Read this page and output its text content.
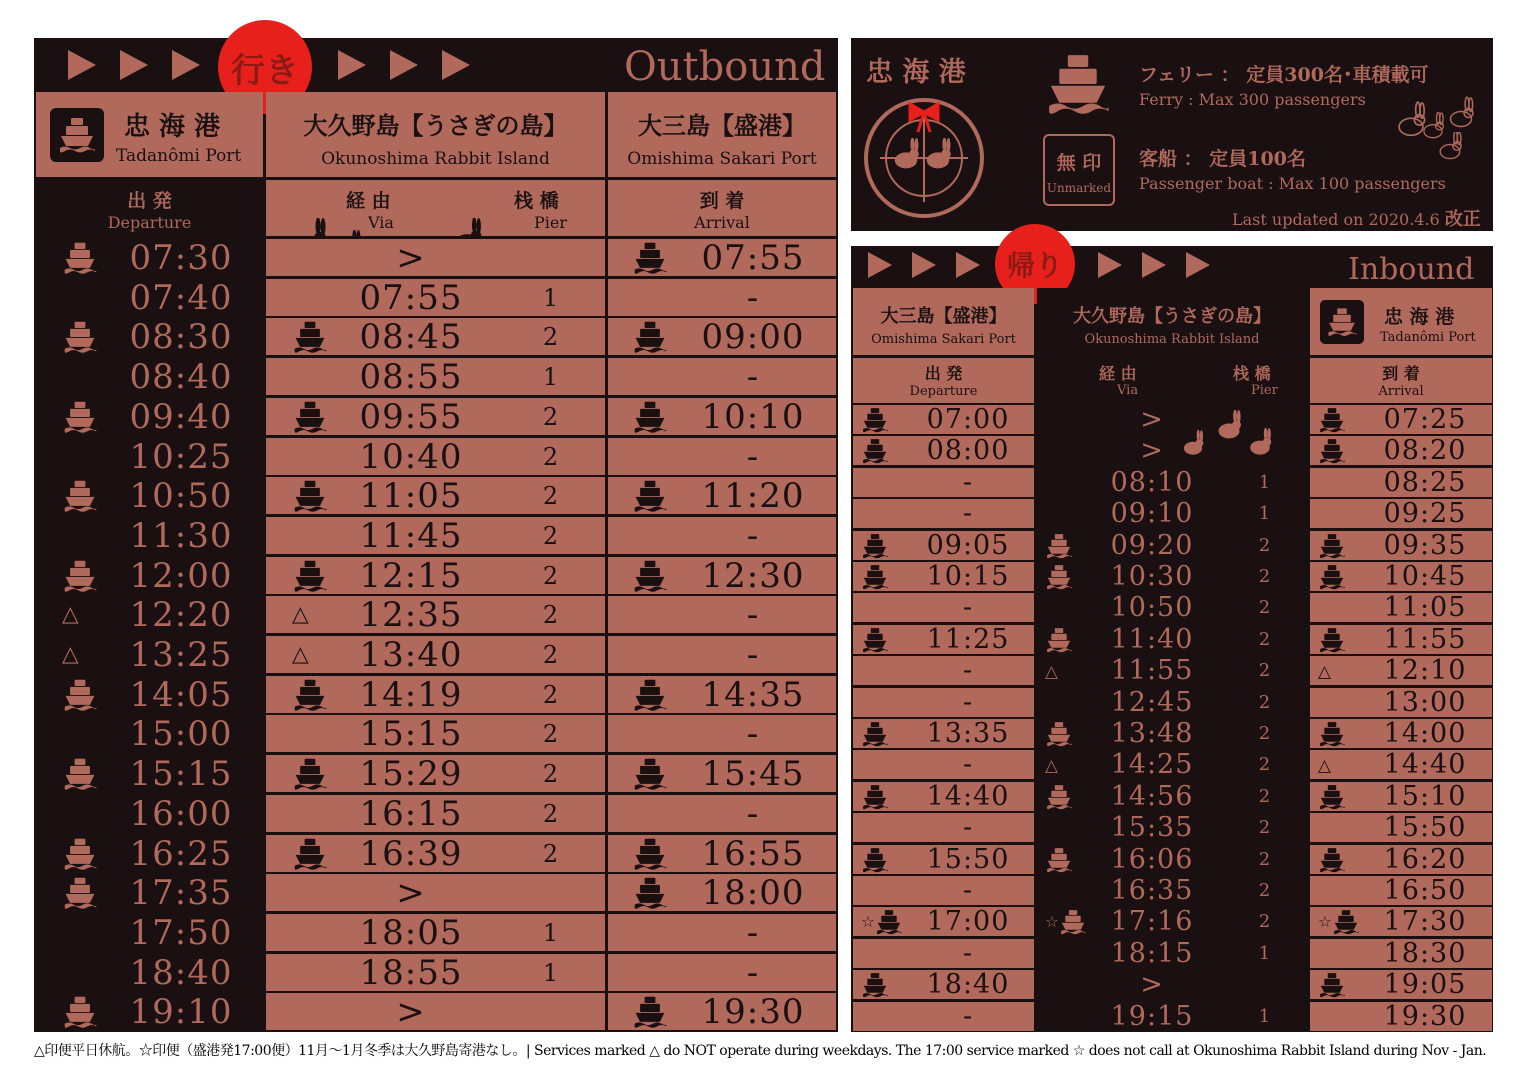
行き	Outbound
忠 海 港
Tadanômi Port
大久野島【うさぎの島】
Okunoshima Rabbit Island
大三島【盛港】
Omishima Sakari Port
出 発
Departure
経 由
Via
栈 橋
Pier
到 着
Arrival
07:30	>	07:55
07:40	07:55	1	-
08:30	08:45	2	09:00
08:40	08:55	1	-
09:40	09:55	2	10:10
10:25	10:40	2	-
10:50	11:05	2	11:20
11:30	11:45	2	-
12:00	12:15	2	12:30
△	12:20	△	12:35	2	-
△	13:25	△	13:40	2	-
14:05	14:19	2	14:35
15:00	15:15	2	-
15:15	15:29	2	15:45
16:00	16:15	2	-
16:25	16:39	2	16:55
17:35	>	18:00
17:50	18:05	1	-
18:40	18:55	1	-
19:10	>	19:30
忠 海 港
無 印
Unmarked
フェリー ： 定員300名･車積載可
Ferry : Max 300 passengers
客船 ： 定員100名
Passenger boat : Max 100 passengers
Last updated on 2020.4.6 改正
帰り	Inbound
大三島【盛港】
Omishima Sakari Port
大久野島【うさぎの島】
Okunoshima Rabbit Island
忠 海 港
Tadanômi Port
出 発
Departure
経 由
Via
栈 橋
Pier
到 着
Arrival
07:00	>	07:25
08:00	>	08:20
-	08:10	1	08:25
-	09:10	1	09:25
09:05	09:20	2	09:35
10:15	10:30	2	10:45
-	10:50	2	11:05
11:25	11:40	2	11:55
-	△	11:55	2	△	12:10
-	12:45	2	13:00
13:35	13:48	2	14:00
-	△	14:25	2	△	14:40
14:40	14:56	2	15:10
-	15:35	2	15:50
15:50	16:06	2	16:20
-	16:35	2	16:50
☆	17:00	☆	17:16	2	☆	17:30
-	18:15	1	18:30
18:40	>	19:05
-	19:15	1	19:30
△印便平日休航。☆印便（盛港発17:00便）11月〜1月冬季は大久野島寄港なし。| Services marked △ do NOT operate during weekdays. The 17:00 service marked ☆ does not call at Okunoshima Rabbit Island during Nov - Jan.
